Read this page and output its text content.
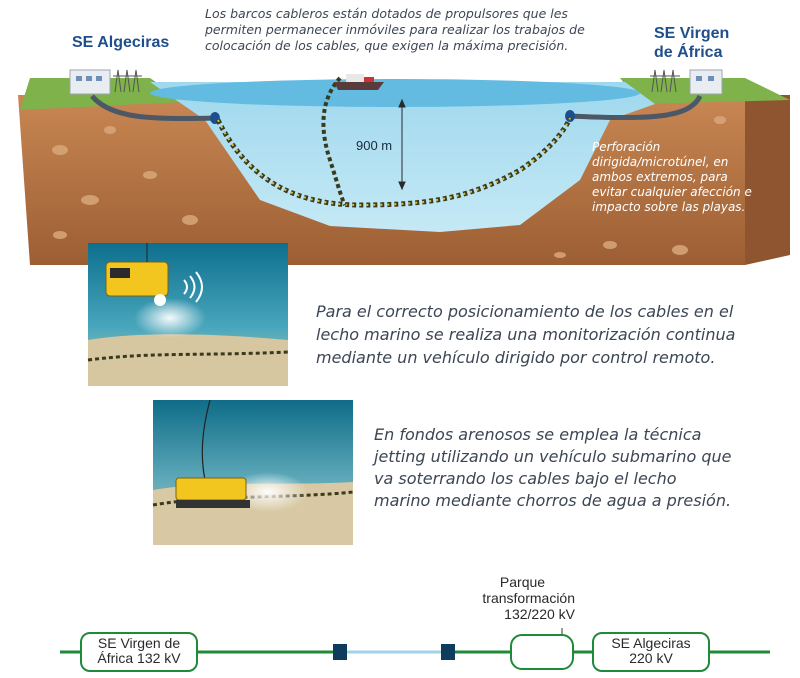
SE Algeciras
SE Virgen
de África
Los barcos cableros están dotados de propulsores que les permiten permanecer inmóviles para realizar los trabajos de colocación de los cables, que exigen la máxima precisión.
900 m	Perforación dirigida/microtúnel, en ambos extremos, para evitar cualquier afección e impacto sobre las playas.
Para el correcto posicionamiento de los cables en el lecho marino se realiza una monitorización continua mediante un vehículo dirigido por control remoto.
En fondos arenosos se emplea la técnica jetting utilizando un vehículo submarino que va soterrando los cables bajo el lecho marino mediante chorros de agua a presión.
Parque
transformación
132/220 kV
SE Virgen de
África 132 kV
SE Algeciras
220 kV
